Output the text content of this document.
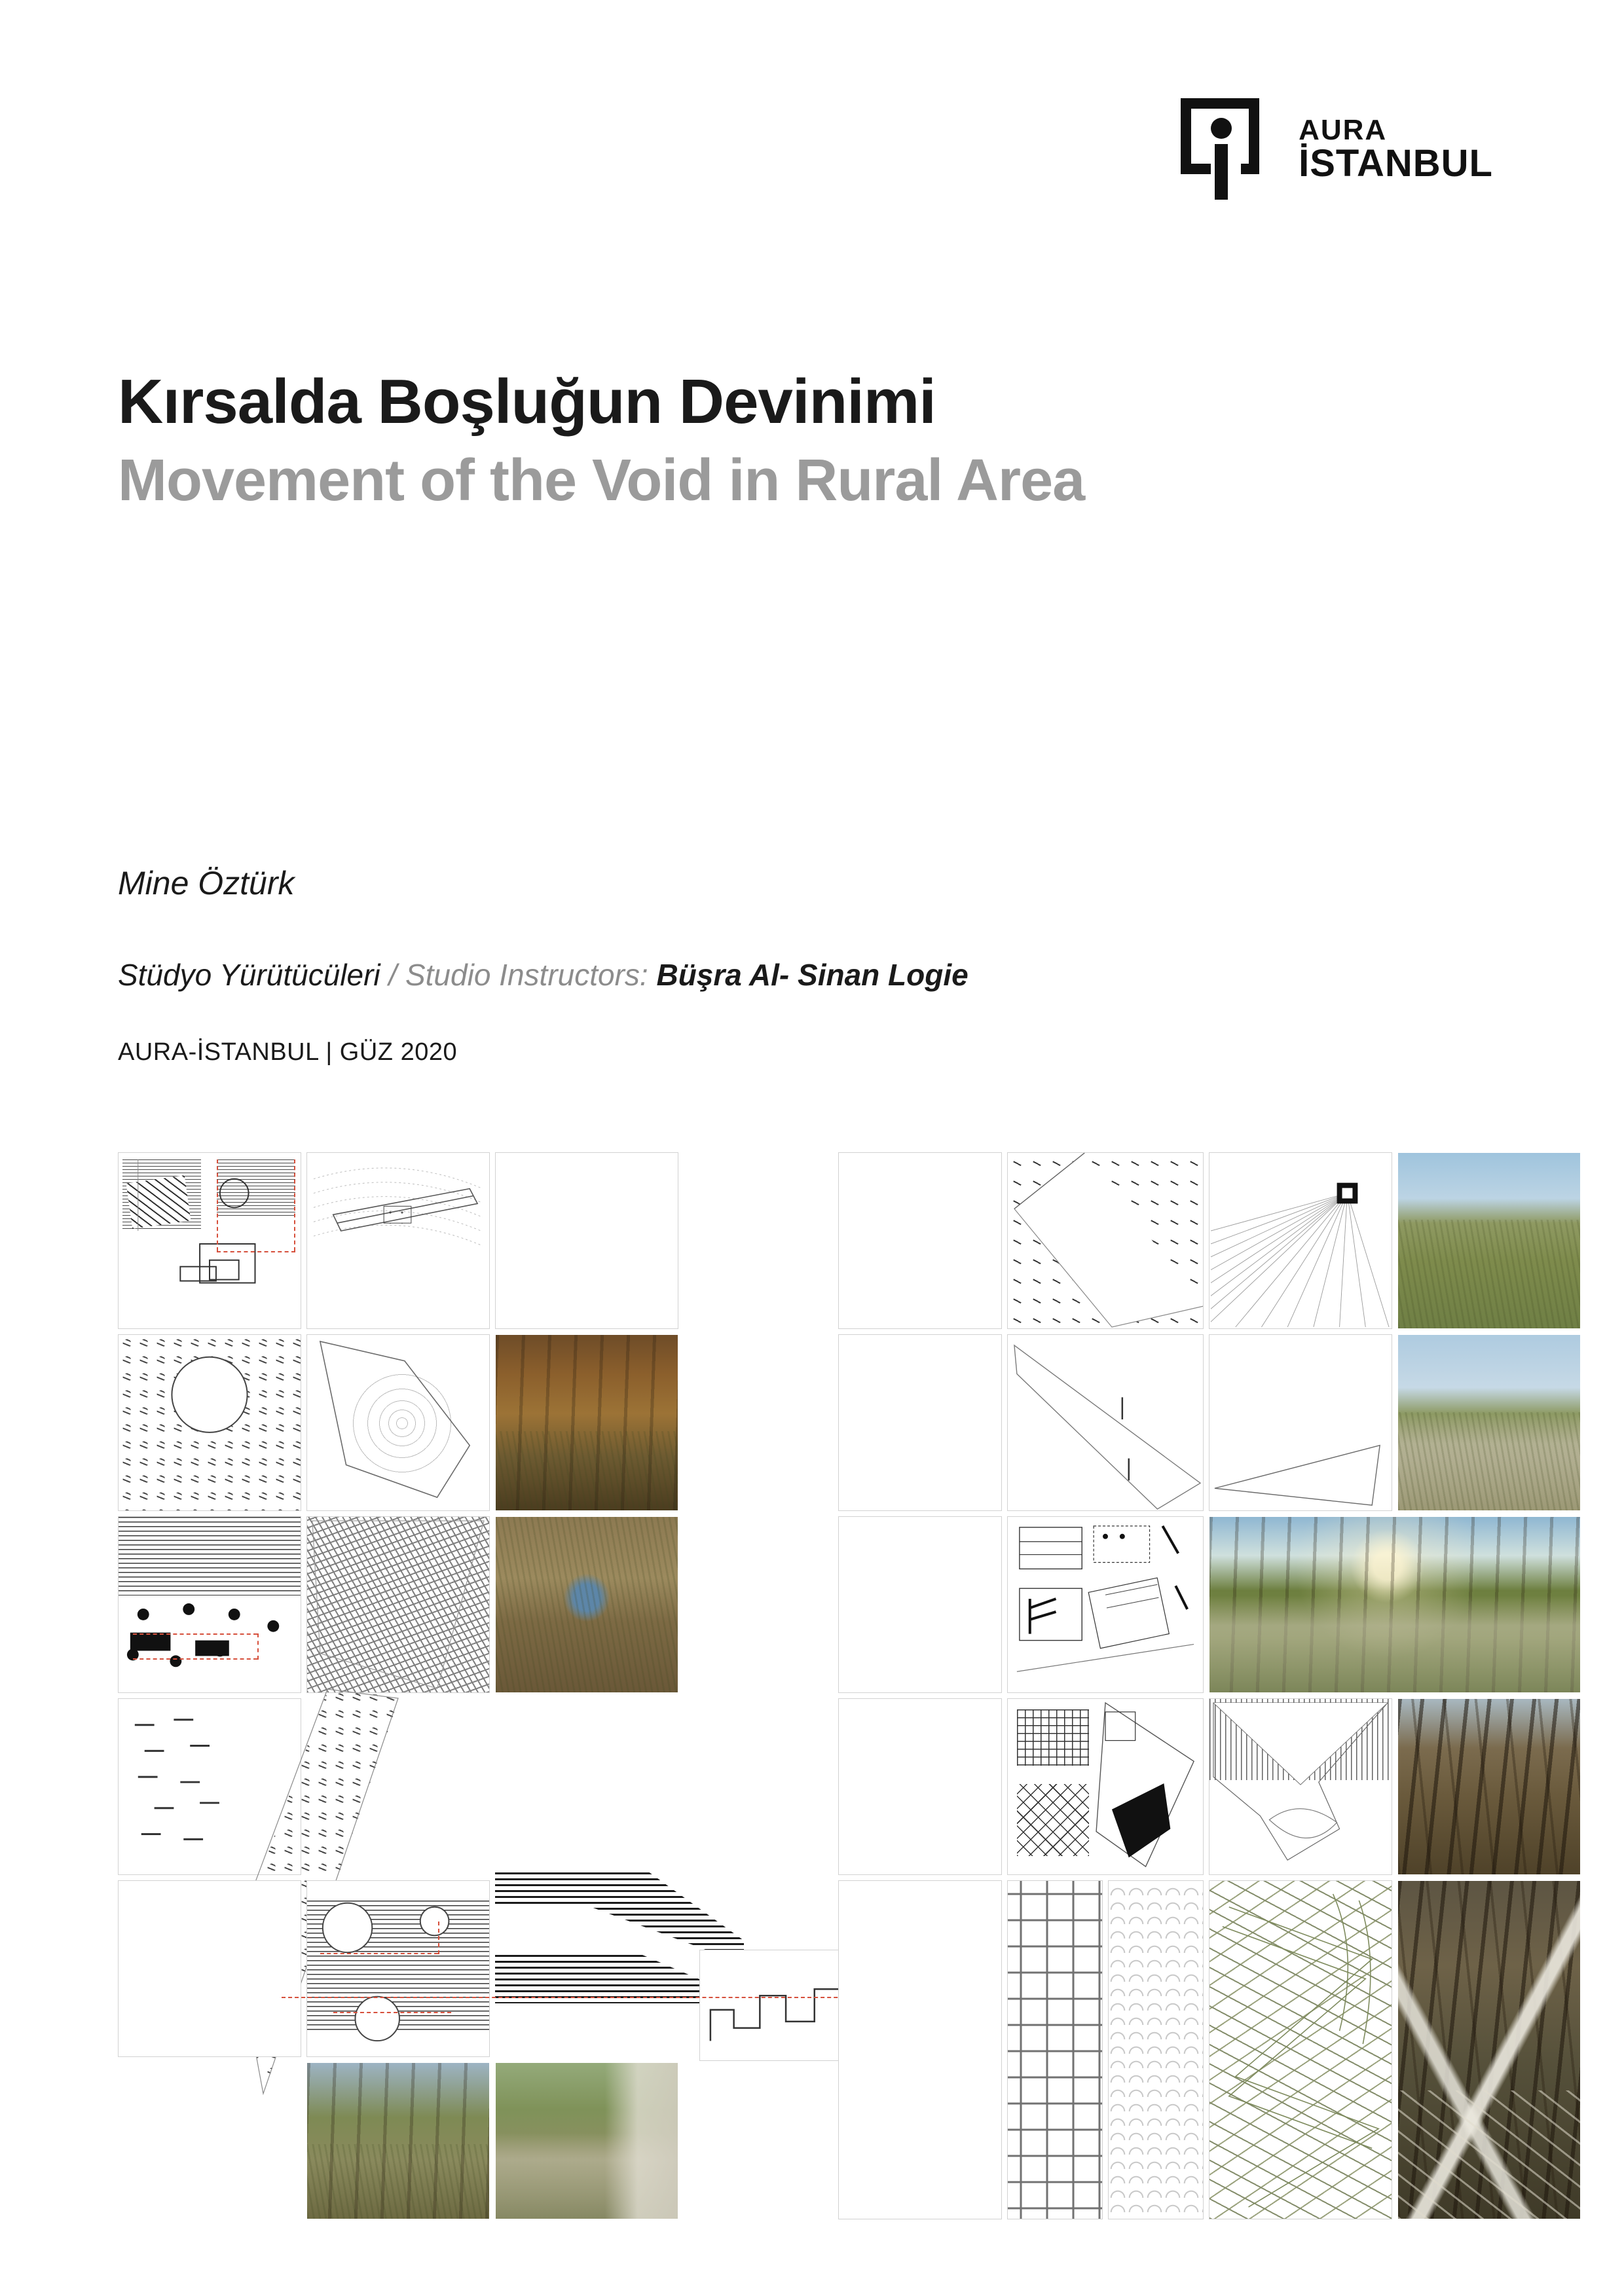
AURA
İSTANBUL
Kırsalda Boşluğun Devinimi
Movement of the Void in Rural Area
Mine Öztürk
Stüdyo Yürütücüleri / Studio Instructors: Büşra Al- Sinan Logie
AURA-İSTANBUL | GÜZ 2020
